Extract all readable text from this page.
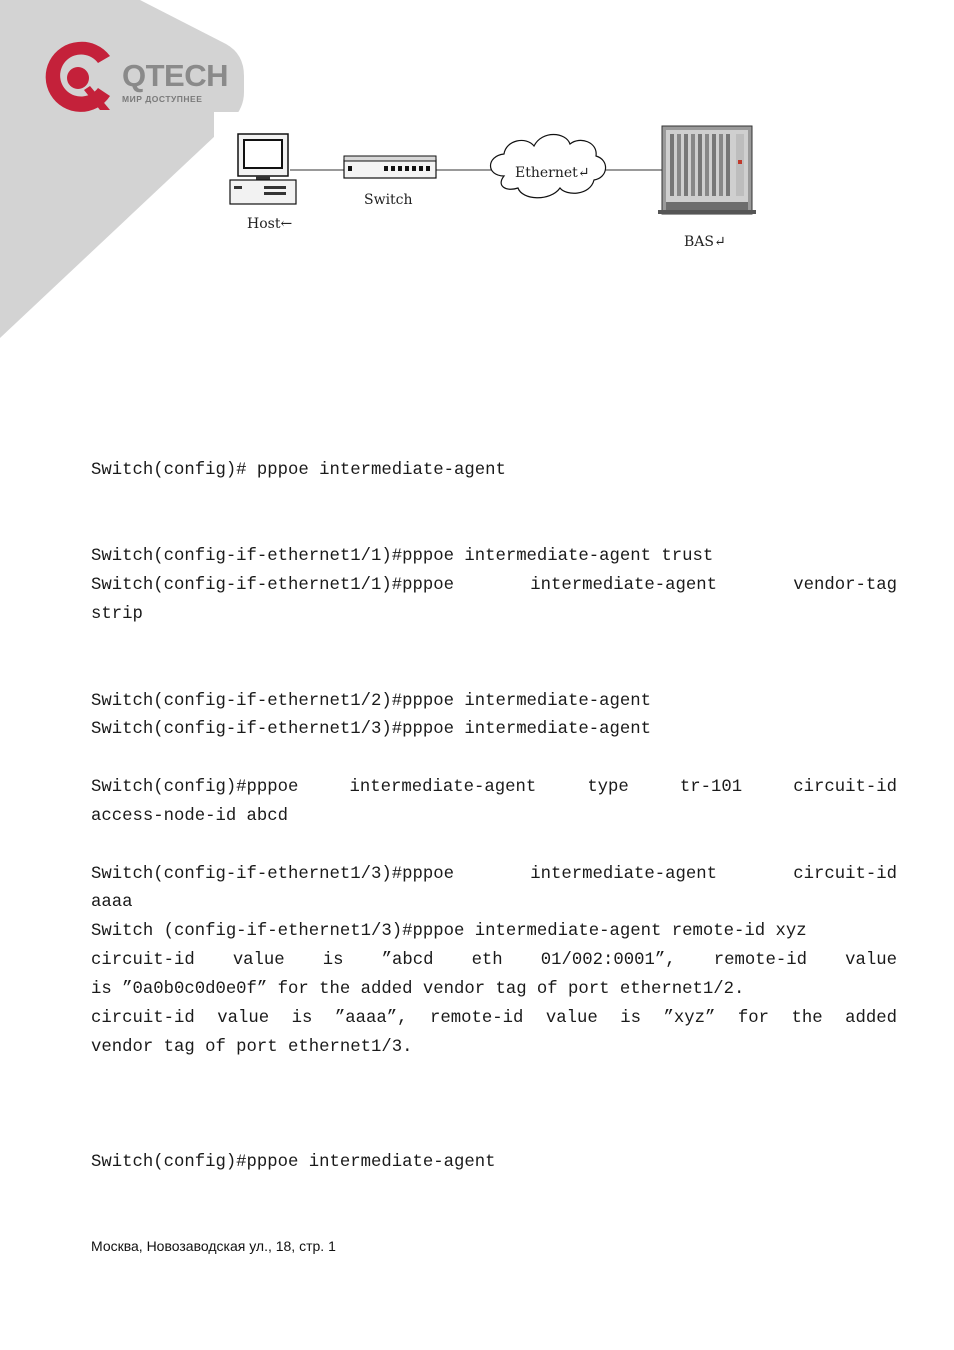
QTECH
МИР ДОСТУПНЕЕ
Host←
Switch
Ethernet↵
BAS↵
Switch(config)# pppoe intermediate-agent
Switch(config-if-ethernet1/1)#pppoe intermediate-agent trust
Switch(config-if-ethernet1/1)#pppoe	intermediate-agent	vendor-tag
strip
Switch(config-if-ethernet1/2)#pppoe intermediate-agent
Switch(config-if-ethernet1/3)#pppoe intermediate-agent
Switch(config)#pppoe	intermediate-agent	type	tr-101	circuit-id
access-node-id abcd
Switch(config-if-ethernet1/3)#pppoe	intermediate-agent	circuit-id
aaaa
Switch (config-if-ethernet1/3)#pppoe intermediate-agent remote-id xyz
circuit-id value is ”abcd eth 01/002:0001”, remote-id value
is ”0a0b0c0d0e0f” for the added vendor tag of port ethernet1/2.
circuit-id value is ”aaaa”, remote-id value is ”xyz” for the added
vendor tag of port ethernet1/3.
Switch(config)#pppoe intermediate-agent
Москва, Новозаводская ул., 18, стр. 1
